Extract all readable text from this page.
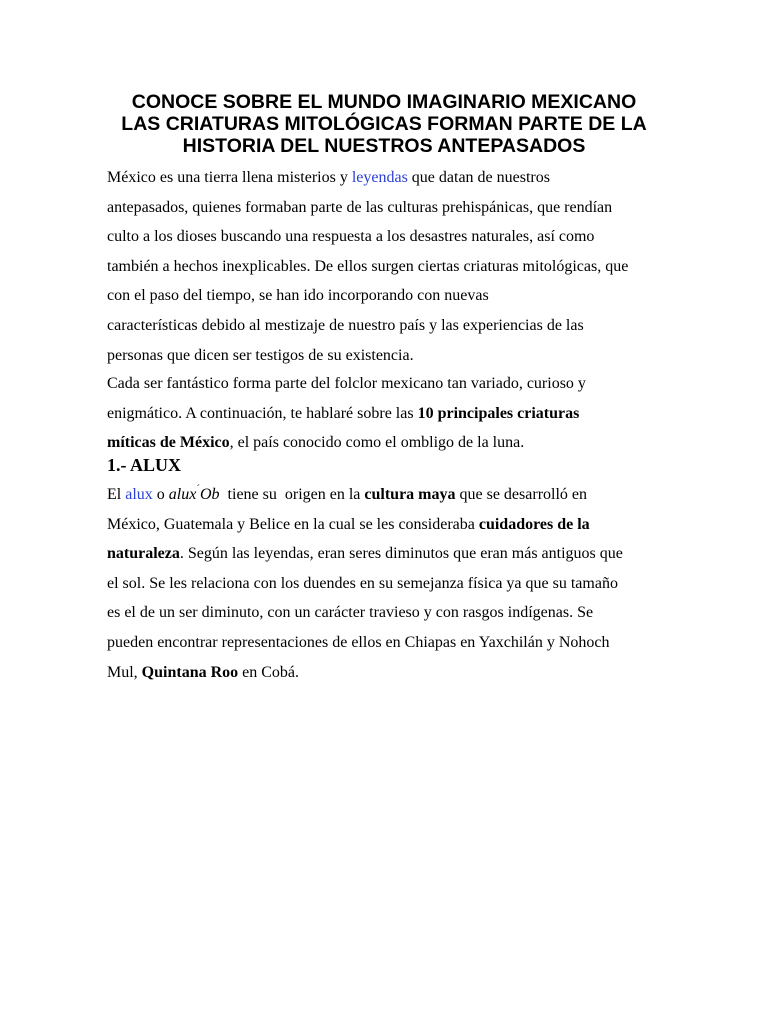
CONOCE SOBRE EL MUNDO IMAGINARIO MEXICANO
LAS CRIATURAS MITOLÓGICAS FORMAN PARTE DE LA
HISTORIA DEL NUESTROS ANTEPASADOS
México es una tierra llena misterios y leyendas que datan de nuestros
antepasados, quienes formaban parte de las culturas prehispánicas, que rendían
culto a los dioses buscando una respuesta a los desastres naturales, así como
también a hechos inexplicables. De ellos surgen ciertas criaturas mitológicas, que
con el paso del tiempo, se han ido incorporando con nuevas
características debido al mestizaje de nuestro país y las experiencias de las
personas que dicen ser testigos de su existencia.
Cada ser fantástico forma parte del folclor mexicano tan variado, curioso y
enigmático. A continuación, te hablaré sobre las 10 principales criaturas
míticas de México, el país conocido como el ombligo de la luna.
1.- ALUX
El alux o alux´Ob  tiene su  origen en la cultura maya que se desarrolló en
México, Guatemala y Belice en la cual se les consideraba cuidadores de la
naturaleza. Según las leyendas, eran seres diminutos que eran más antiguos que
el sol. Se les relaciona con los duendes en su semejanza física ya que su tamaño
es el de un ser diminuto, con un carácter travieso y con rasgos indígenas. Se
pueden encontrar representaciones de ellos en Chiapas en Yaxchilán y Nohoch
Mul, Quintana Roo en Cobá.
